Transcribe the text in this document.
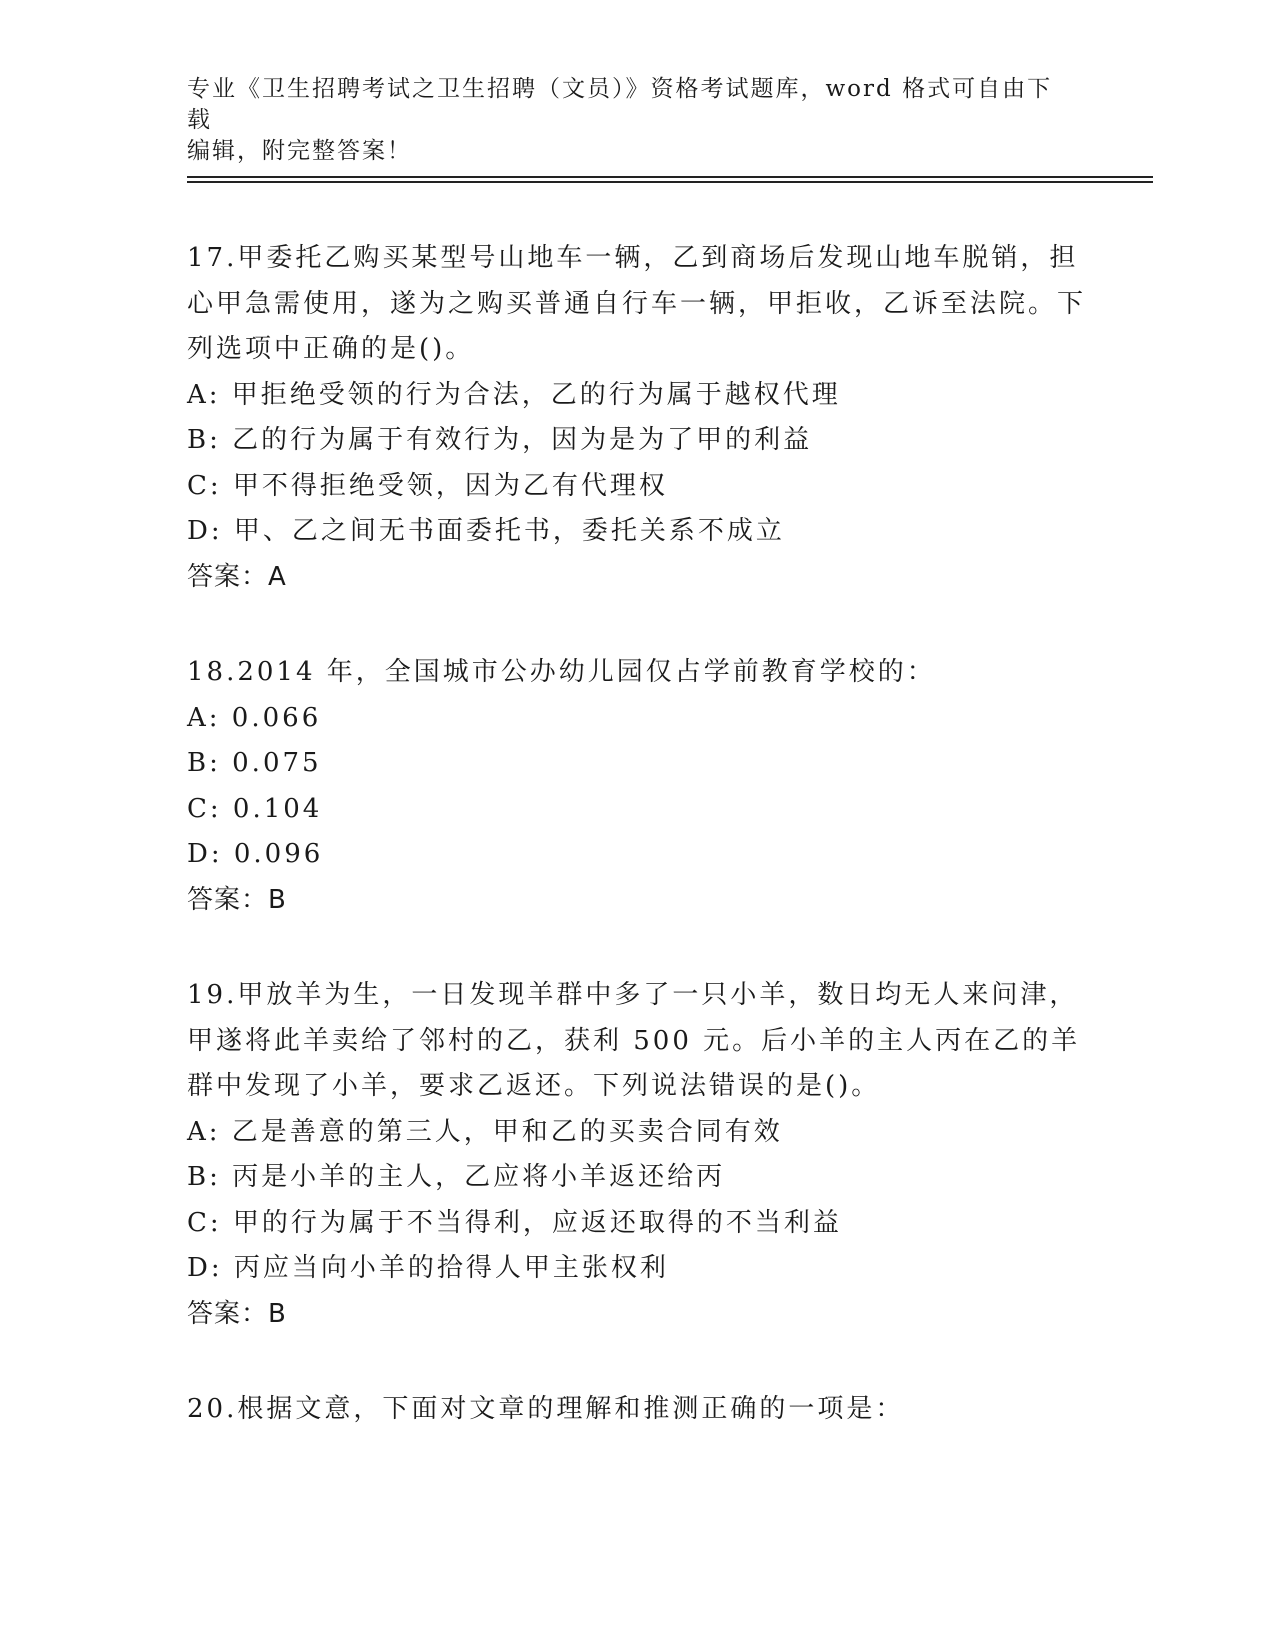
专业《卫生招聘考试之卫生招聘（文员）》资格考试题库，word 格式可自由下载

编辑，附完整答案！

17.甲委托乙购买某型号山地车一辆，乙到商场后发现山地车脱销，担心甲急需使用，遂为之购买普通自行车一辆，甲拒收，乙诉至法院。下列选项中正确的是()。

A: 甲拒绝受领的行为合法，乙的行为属于越权代理

B: 乙的行为属于有效行为，因为是为了甲的利益

C: 甲不得拒绝受领，因为乙有代理权

D: 甲、乙之间无书面委托书，委托关系不成立

答案：A

18.2014 年，全国城市公办幼儿园仅占学前教育学校的：

A: 0.066

B: 0.075

C: 0.104

D: 0.096

答案：B

19.甲放羊为生，一日发现羊群中多了一只小羊，数日均无人来问津，甲遂将此羊卖给了邻村的乙，获利 500 元。后小羊的主人丙在乙的羊群中发现了小羊，要求乙返还。下列说法错误的是()。

A: 乙是善意的第三人，甲和乙的买卖合同有效

B: 丙是小羊的主人，乙应将小羊返还给丙

C: 甲的行为属于不当得利，应返还取得的不当利益

D: 丙应当向小羊的拾得人甲主张权利

答案：B

20.根据文意，下面对文章的理解和推测正确的一项是：
